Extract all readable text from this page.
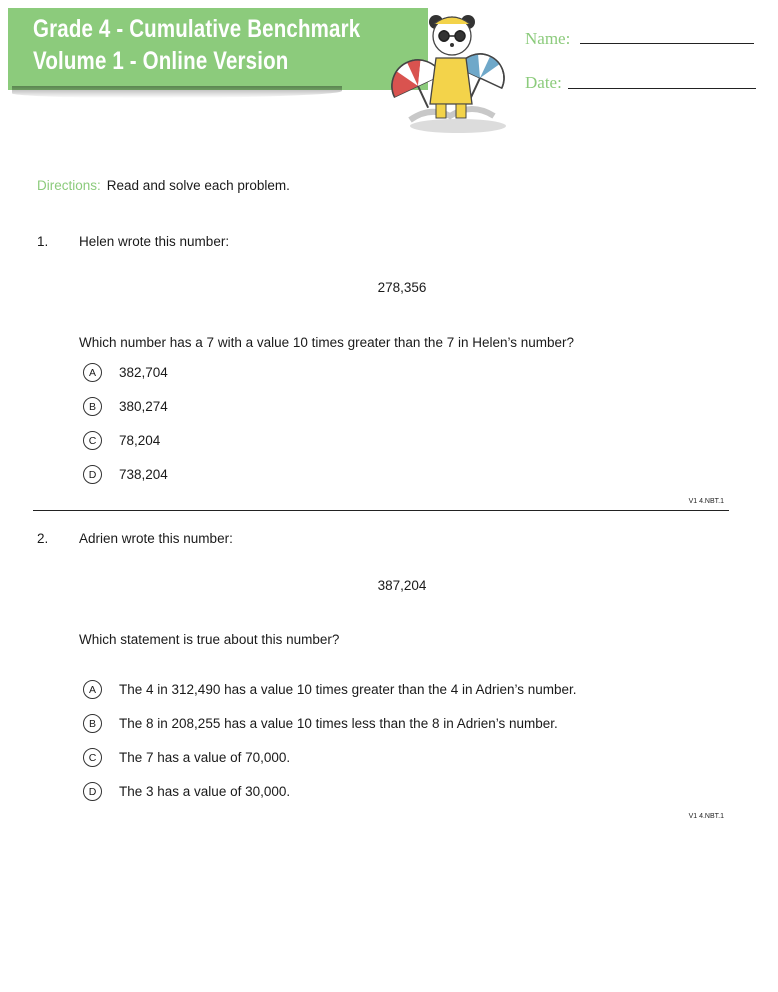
Grade 4 - Cumulative Benchmark
Volume 1 - Online Version
Name:
Date:
Directions: Read and solve each problem.
1. Helen wrote this number:
278,356
Which number has a 7 with a value 10 times greater than the 7 in Helen’s number?
A	382,704
B	380,274
C	78,204
D	738,204
V1 4.NBT.1
2. Adrien wrote this number:
387,204
Which statement is true about this number?
A	The 4 in 312,490 has a value 10 times greater than the 4 in Adrien’s number.
B	The 8 in 208,255 has a value 10 times less than the 8 in Adrien’s number.
C	The 7 has a value of 70,000.
D	The 3 has a value of 30,000.
V1 4.NBT.1
